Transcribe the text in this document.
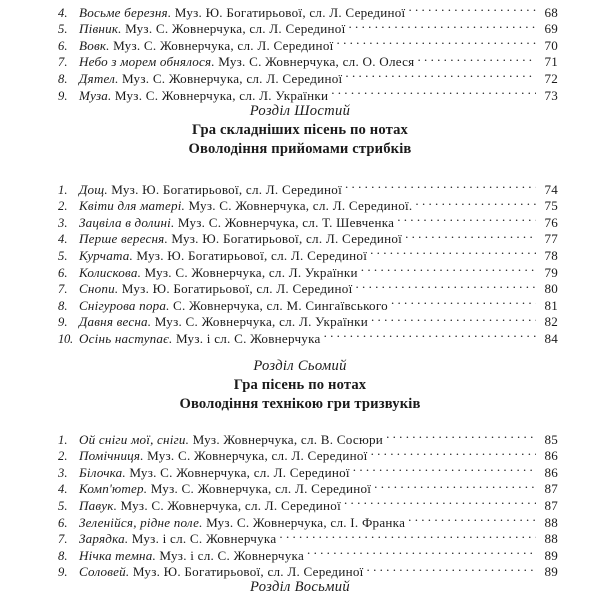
4. Восьме березня. Муз. Ю. Богатирьової, сл. Л. Серединої . . .	68
5. Півник. Муз. С. Жовнерчука, сл. Л. Серединої . . .	69
6. Вовк. Муз. С. Жовнерчука, сл. Л. Серединої . . .	70
7. Небо з морем обнялося. Муз. С. Жовнерчука, сл. О. Олеся . . .	71
8. Дятел. Муз. С. Жовнерчука, сл. Л. Серединої . . .	72
9. Муза. Муз. С. Жовнерчука, сл. Л. Українки . . .	73
Розділ Шостий
Гра складніших пісень по нотах
Оволодіння прийомами стрибків
1. Дощ. Муз. Ю. Богатирьової, сл. Л. Серединої . . .	74
2. Квіти для матері. Муз. С. Жовнерчука, сл. Л. Серединої. . . .	75
3. Зацвіла в долині. Муз. С. Жовнерчука, сл. Т. Шевченка . . .	76
4. Перше вересня. Муз. Ю. Богатирьової, сл. Л. Серединої . . .	77
5. Курчата. Муз. Ю. Богатирьової, сл. Л. Серединої . . .	78
6. Колискова. Муз. С. Жовнерчука, сл. Л. Українки . . .	79
7. Снопи. Муз. Ю. Богатирьової, сл. Л. Серединої . . .	80
8. Снігурова пора. С. Жовнерчука, сл. М. Сингаївського . . .	81
9. Давня весна. Муз. С. Жовнерчука, сл. Л. Українки . . .	82
10. Осінь наступає. Муз. і сл. С. Жовнерчука . . .	84
Розділ Сьомий
Гра пісень по нотах
Оволодіння технікою гри тризвуків
1. Ой сніги мої, сніги. Муз. Жовнерчука, сл. В. Сосюри . . .	85
2. Помічниця. Муз. С. Жовнерчука, сл. Л. Серединої . . .	86
3. Білочка. Муз. С. Жовнерчука, сл. Л. Серединої . . .	86
4. Комп'ютер. Муз. С. Жовнерчука, сл. Л. Серединої . . .	87
5. Павук. Муз. С. Жовнерчука, сл. Л. Серединої . . .	87
6. Зеленійся, рідне поле. Муз. С. Жовнерчука, сл. І. Франка . . .	88
7. Зарядка. Муз. і сл. С. Жовнерчука . . .	88
8. Нічка темна. Муз. і сл. С. Жовнерчука . . .	89
9. Соловей. Муз. Ю. Богатирьової, сл. Л. Серединої . . .	89
Розділ Восьмий
